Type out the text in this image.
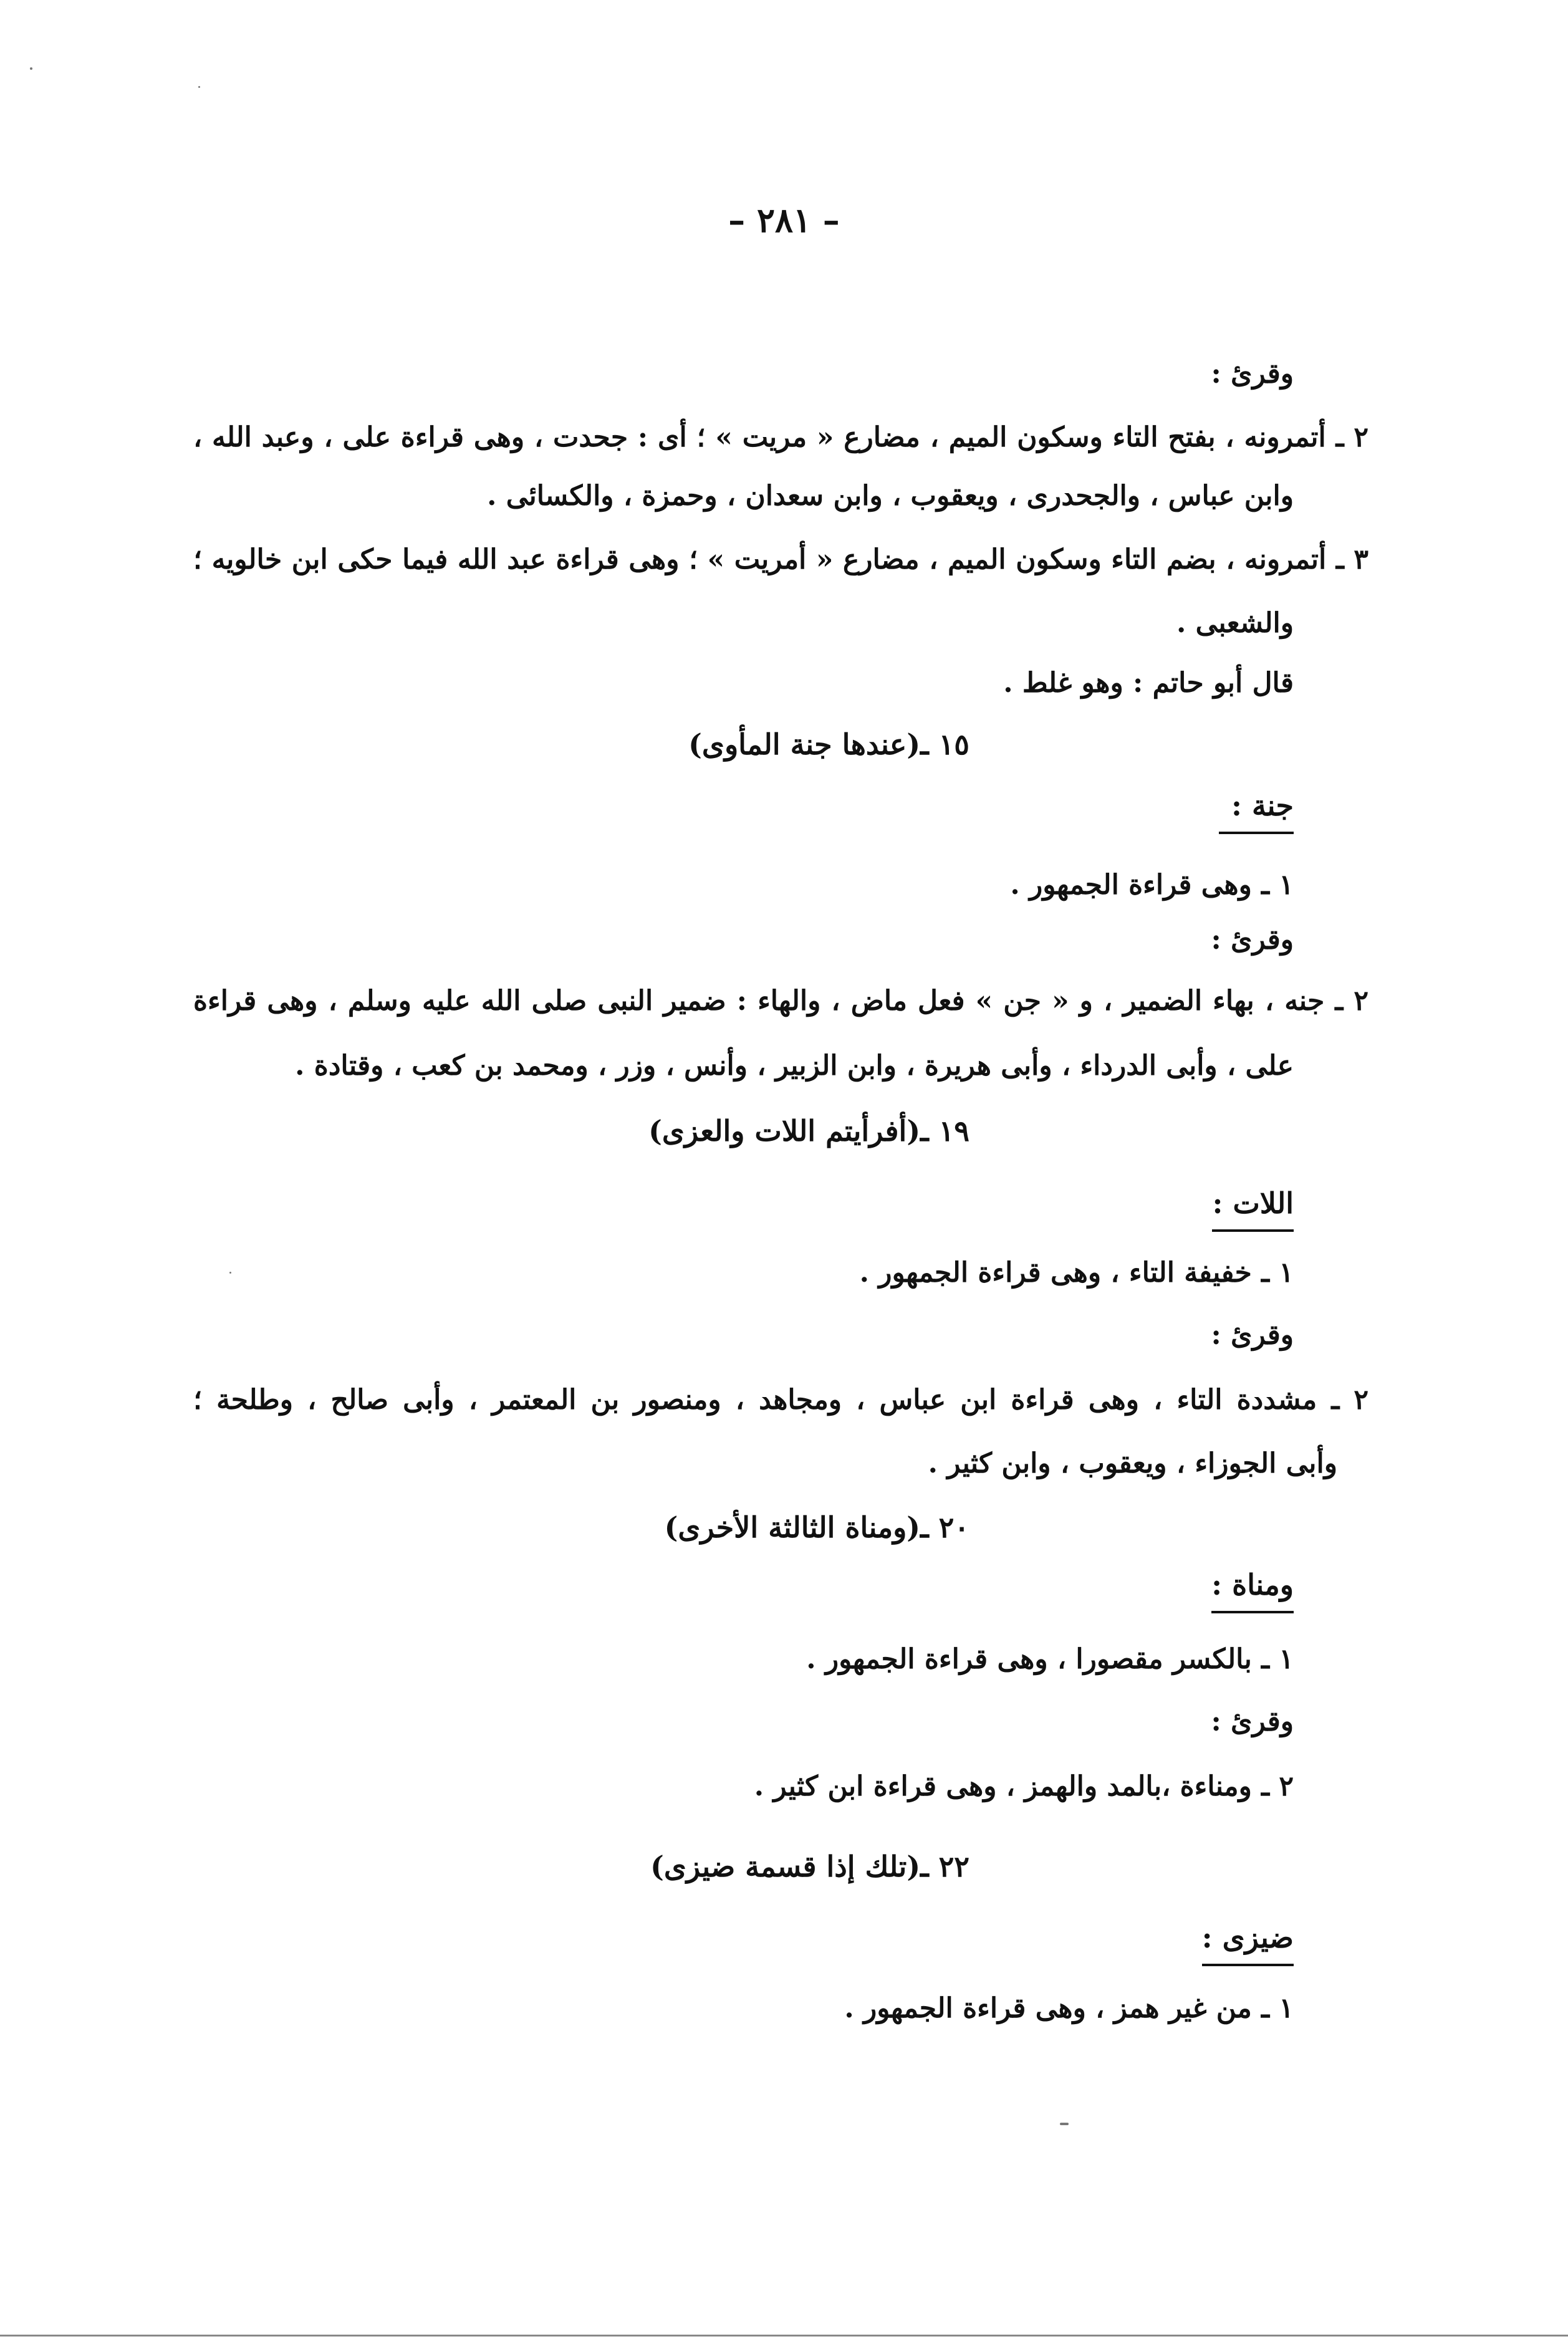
– ٢٨١ –
وقرئ :
٢ ـ أتمرونه ، بفتح التاء وسكون الميم ، مضارع « مريت » ؛ أى : جحدت ، وهى قراءة على ، وعبد الله ،
وابن عباس ، والجحدرى ، ويعقوب ، وابن سعدان ، وحمزة ، والكسائى .
٣ ـ أتمرونه ، بضم التاء وسكون الميم ، مضارع « أمريت » ؛ وهى قراءة عبد الله فيما حكى ابن خالويه ؛
والشعبى .
قال أبو حاتم : وهو غلط .
١٥ ـ(عندها جنة المأوى)
جنة :
١ ـ وهى قراءة الجمهور .
وقرئ :
٢ ـ جنه ، بهاء الضمير ، و « جن » فعل ماض ، والهاء : ضمير النبى صلى الله عليه وسلم ، وهى قراءة
على ، وأبى الدرداء ، وأبى هريرة ، وابن الزبير ، وأنس ، وزر ، ومحمد بن كعب ، وقتادة .
١٩ ـ(أفرأيتم اللات والعزى)
اللات :
١ ـ خفيفة التاء ، وهى قراءة الجمهور .
وقرئ :
٢ ـ مشددة التاء ، وهى قراءة ابن عباس ، ومجاهد ، ومنصور بن المعتمر ، وأبى صالح ، وطلحة ؛
وأبى الجوزاء ، ويعقوب ، وابن كثير .
٢٠ ـ(ومناة الثالثة الأخرى)
ومناة :
١ ـ بالكسر مقصورا ، وهى قراءة الجمهور .
وقرئ :
٢ ـ ومناءة ،بالمد والهمز ، وهى قراءة ابن كثير .
٢٢ ـ(تلك إذا قسمة ضيزى)
ضيزى :
١ ـ من غير همز ، وهى قراءة الجمهور .
